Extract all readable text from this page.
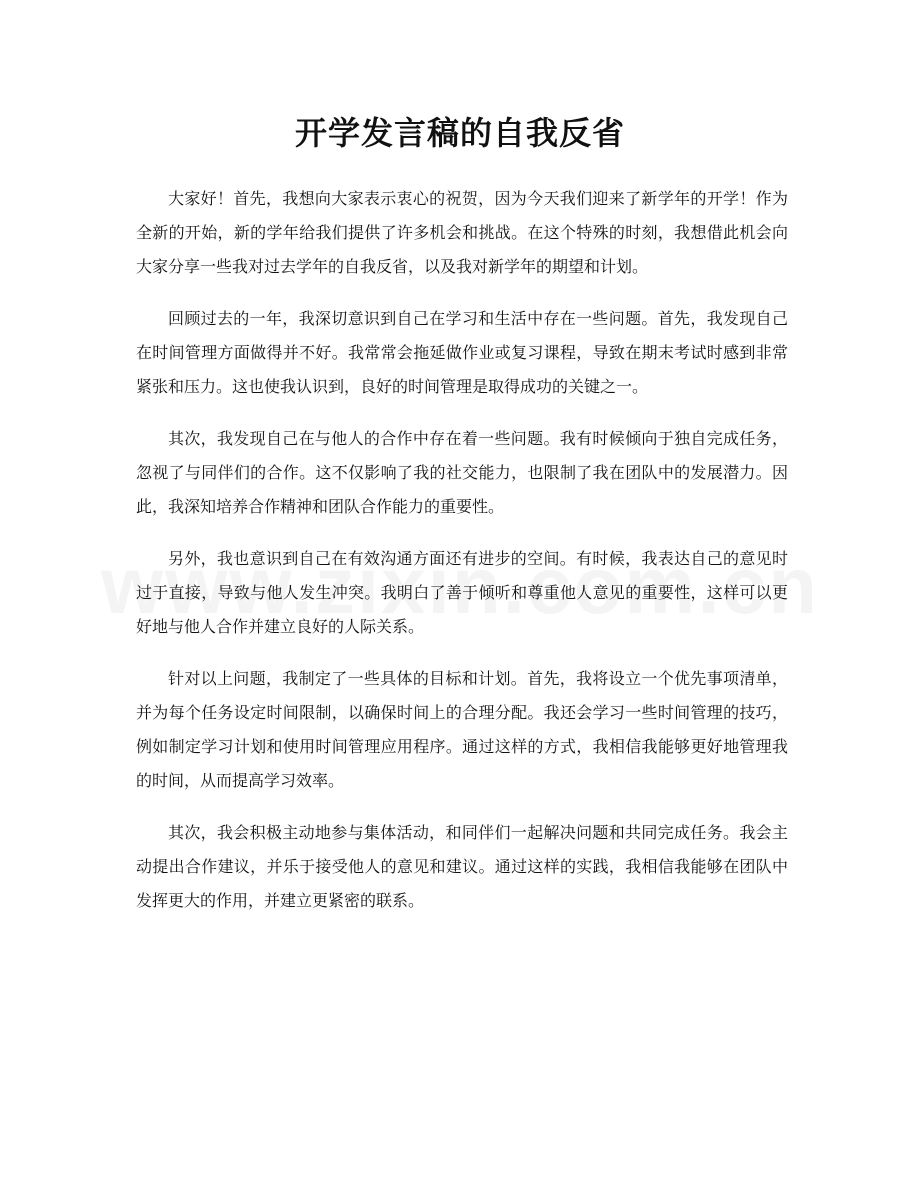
开学发言稿的自我反省

大家好！首先，我想向大家表示衷心的祝贺，因为今天我们迎来了新学年的开学！作为全新的开始，新的学年给我们提供了许多机会和挑战。在这个特殊的时刻，我想借此机会向大家分享一些我对过去学年的自我反省，以及我对新学年的期望和计划。

回顾过去的一年，我深切意识到自己在学习和生活中存在一些问题。首先，我发现自己在时间管理方面做得并不好。我常常会拖延做作业或复习课程，导致在期末考试时感到非常紧张和压力。这也使我认识到，良好的时间管理是取得成功的关键之一。

其次，我发现自己在与他人的合作中存在着一些问题。我有时候倾向于独自完成任务，忽视了与同伴们的合作。这不仅影响了我的社交能力，也限制了我在团队中的发展潜力。因此，我深知培养合作精神和团队合作能力的重要性。

另外，我也意识到自己在有效沟通方面还有进步的空间。有时候，我表达自己的意见时过于直接，导致与他人发生冲突。我明白了善于倾听和尊重他人意见的重要性，这样可以更好地与他人合作并建立良好的人际关系。

针对以上问题，我制定了一些具体的目标和计划。首先，我将设立一个优先事项清单，并为每个任务设定时间限制，以确保时间上的合理分配。我还会学习一些时间管理的技巧，例如制定学习计划和使用时间管理应用程序。通过这样的方式，我相信我能够更好地管理我的时间，从而提高学习效率。

其次，我会积极主动地参与集体活动，和同伴们一起解决问题和共同完成任务。我会主动提出合作建议，并乐于接受他人的意见和建议。通过这样的实践，我相信我能够在团队中发挥更大的作用，并建立更紧密的联系。
